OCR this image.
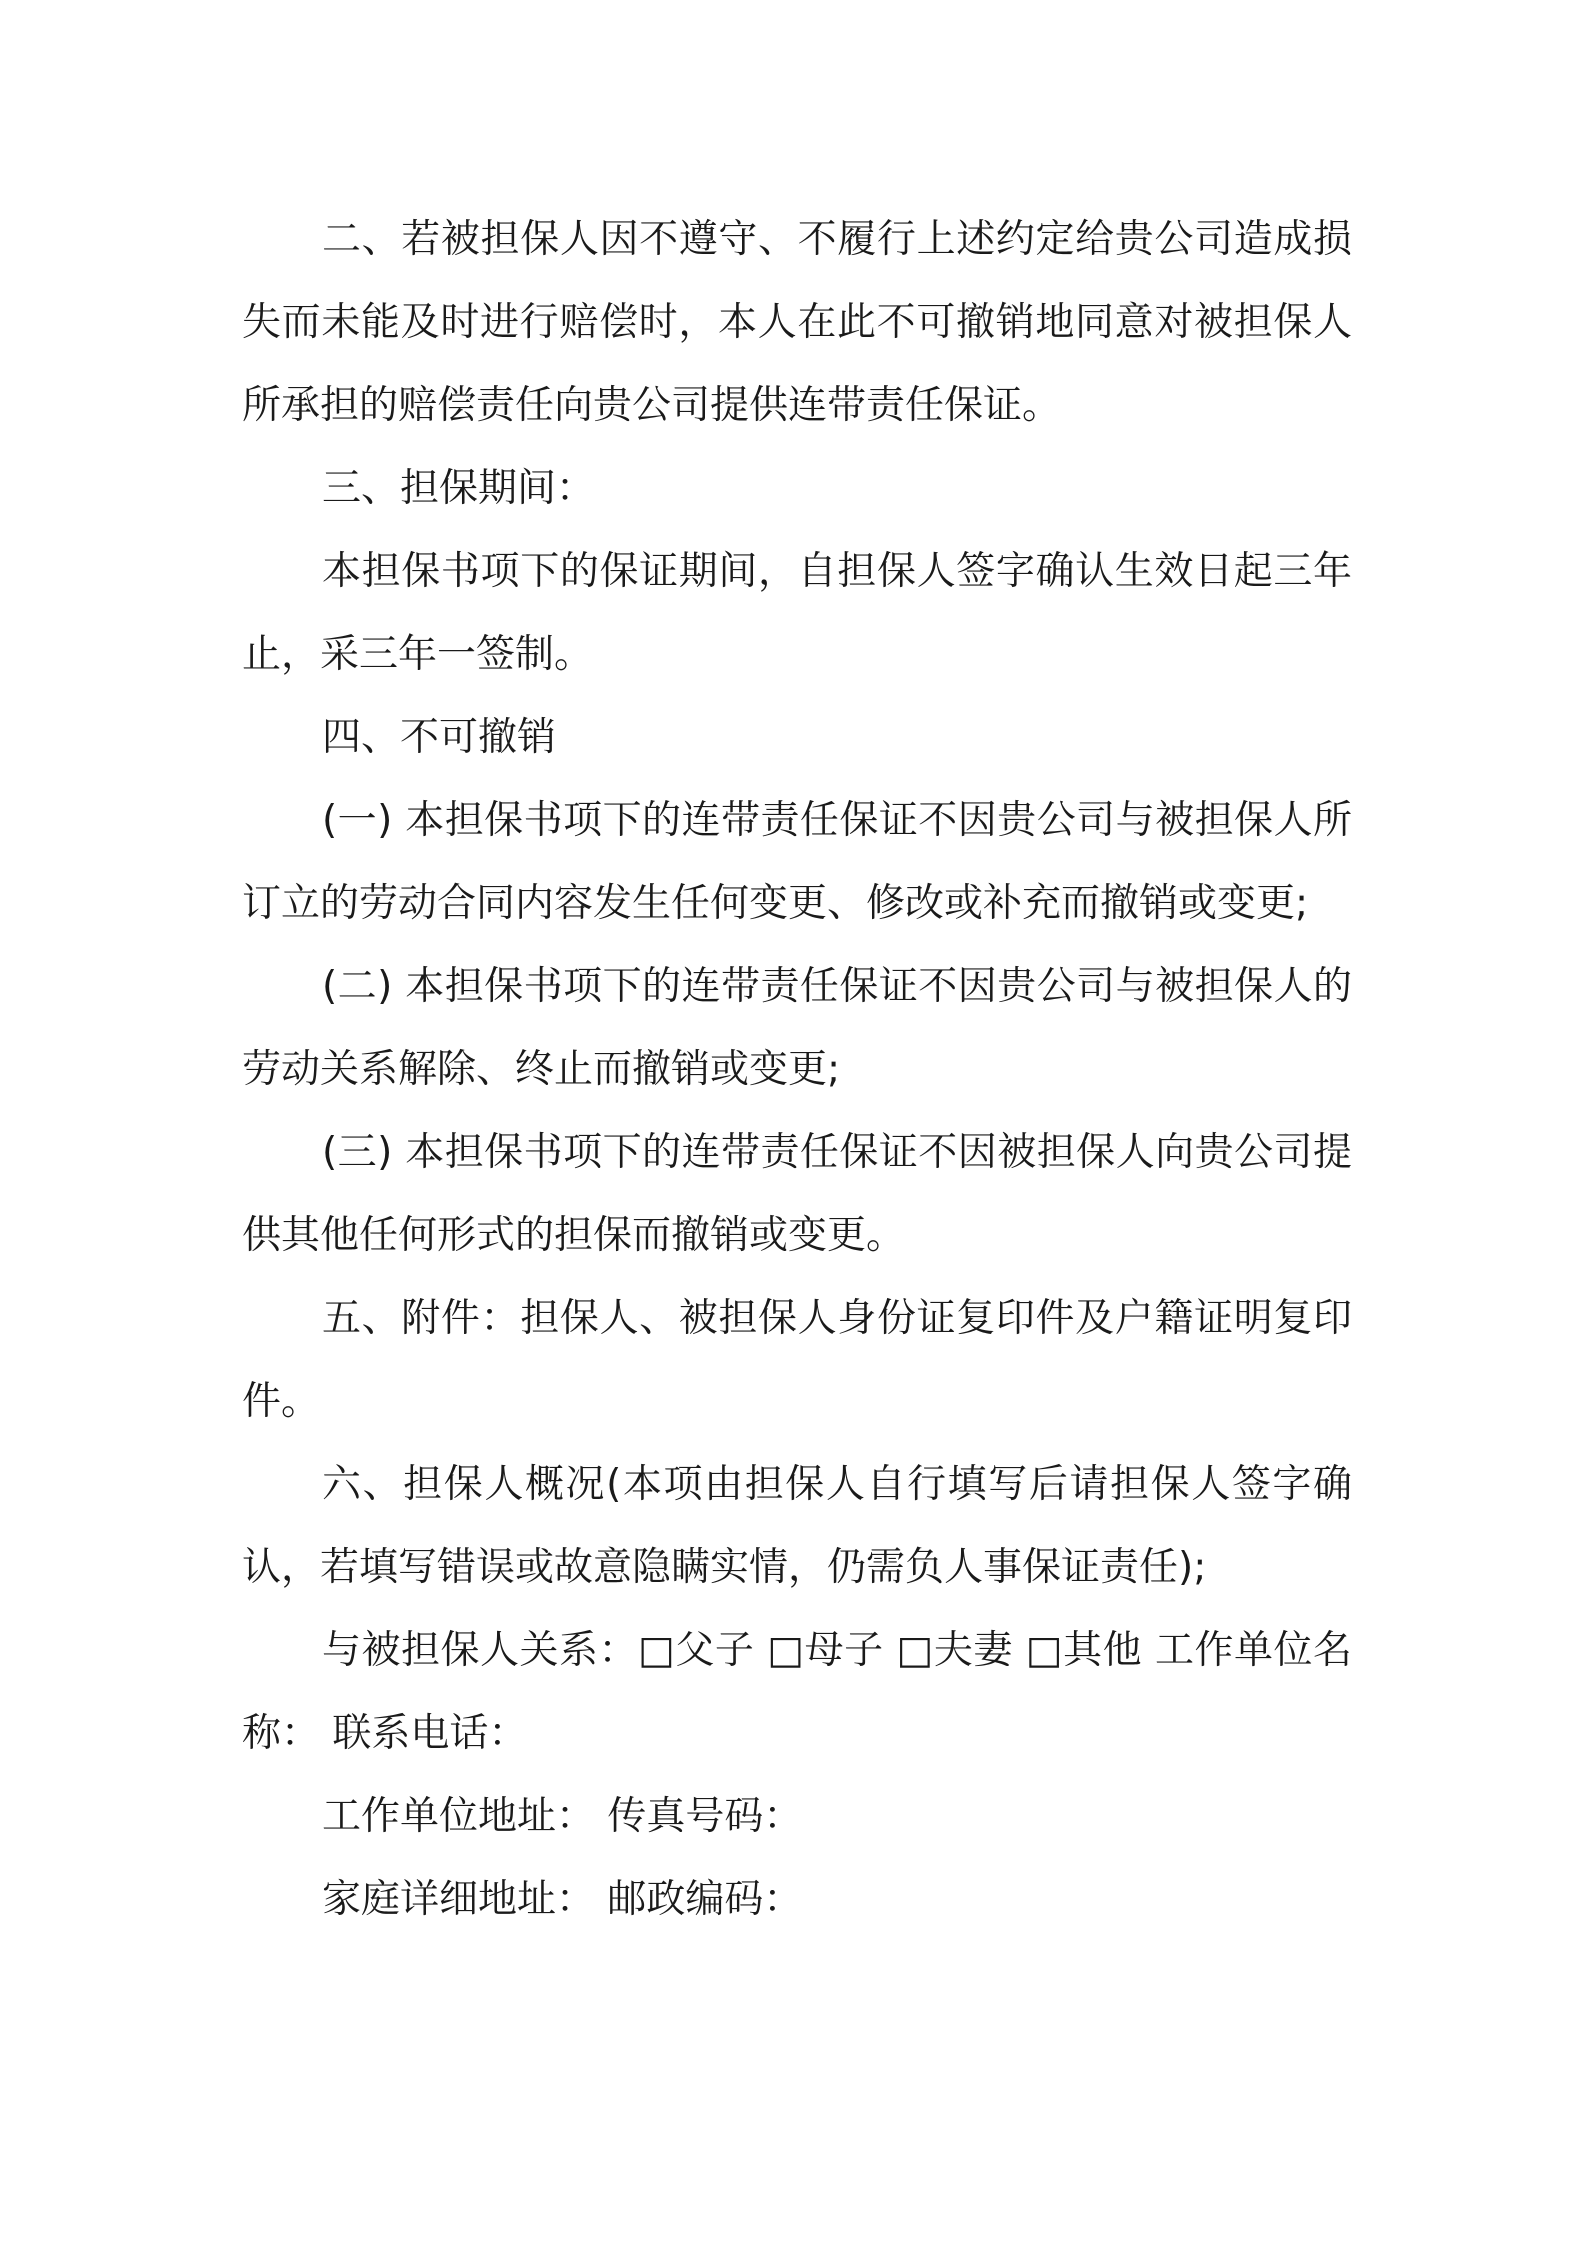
二、若被担保人因不遵守、不履行上述约定给贵公司造成损失而未能及时进行赔偿时，本人在此不可撤销地同意对被担保人所承担的赔偿责任向贵公司提供连带责任保证。

三、担保期间：

本担保书项下的保证期间，自担保人签字确认生效日起三年止，采三年一签制。

四、不可撤销

(一) 本担保书项下的连带责任保证不因贵公司与被担保人所订立的劳动合同内容发生任何变更、修改或补充而撤销或变更;

(二) 本担保书项下的连带责任保证不因贵公司与被担保人的劳动关系解除、终止而撤销或变更;

(三) 本担保书项下的连带责任保证不因被担保人向贵公司提供其他任何形式的担保而撤销或变更。

五、附件：担保人、被担保人身份证复印件及户籍证明复印件。

六、担保人概况(本项由担保人自行填写后请担保人签字确认，若填写错误或故意隐瞒实情，仍需负人事保证责任);

与被担保人关系：□父子 □母子 □夫妻 □其他 工作单位名称： 联系电话：

工作单位地址： 传真号码：

家庭详细地址： 邮政编码：
